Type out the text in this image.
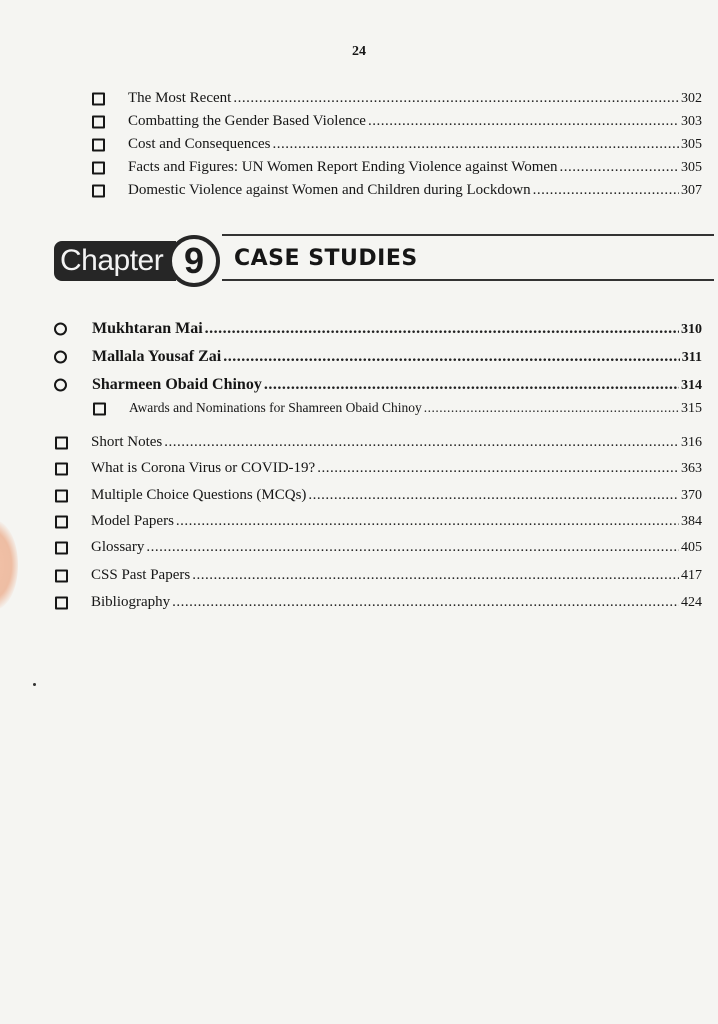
24
The Most Recent .....	302
Combatting the Gender Based Violence .....	303
Cost and Consequences .....	305
Facts and Figures: UN Women Report Ending Violence against Women .....	305
Domestic Violence against Women and Children during Lockdown .....	307
Chapter 9	CASE STUDIES
Mukhtaran Mai .....	310
Mallala Yousaf Zai .....	311
Sharmeen Obaid Chinoy .....	314
Awards and Nominations for Shamreen Obaid Chinoy .....	315
Short Notes .....	316
What is Corona Virus or COVID-19? .....	363
Multiple Choice Questions (MCQs) .....	370
Model Papers .....	384
Glossary .....	405
CSS Past Papers .....	417
Bibliography .....	424
